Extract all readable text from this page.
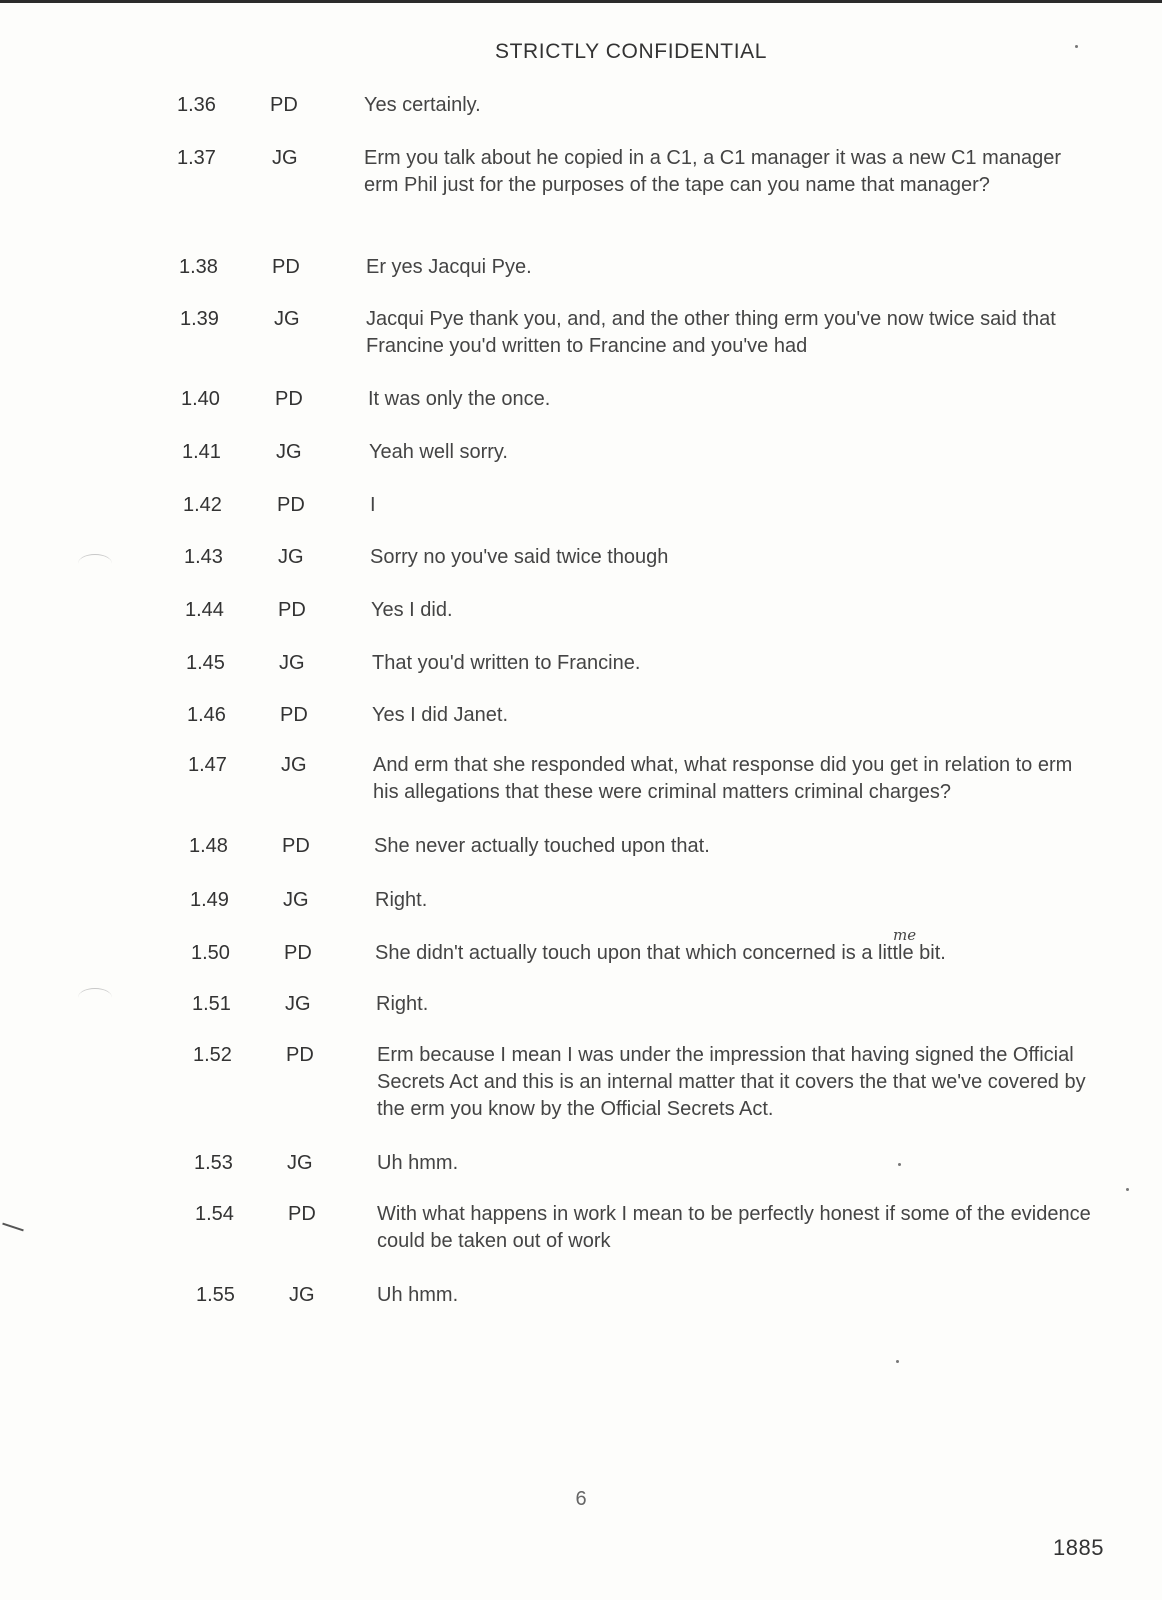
STRICTLY CONFIDENTIAL
1.36	PD	Yes certainly.
1.37	JG	Erm you talk about he copied in a C1, a C1 manager it was a new C1 manager erm Phil just for the purposes of the tape can you name that manager?
1.38	PD	Er yes Jacqui Pye.
1.39	JG	Jacqui Pye thank you, and, and the other thing erm you've now twice said that Francine you'd written to Francine and you've had
1.40	PD	It was only the once.
1.41	JG	Yeah well sorry.
1.42	PD	I
1.43	JG	Sorry no you've said twice though
1.44	PD	Yes I did.
1.45	JG	That you'd written to Francine.
1.46	PD	Yes I did Janet.
1.47	JG	And erm that she responded what, what response did you get in relation to erm his allegations that these were criminal matters criminal charges?
1.48	PD	She never actually touched upon that.
1.49	JG	Right.
1.50	PD	She didn't actually touch upon that which concerned is a little bit.
1.51	JG	Right.
1.52	PD	Erm because I mean I was under the impression that having signed the Official Secrets Act and this is an internal matter that it covers the that we've covered by the erm you know by the Official Secrets Act.
1.53	JG	Uh hmm.
1.54	PD	With what happens in work I mean to be perfectly honest if some of the evidence could be taken out of work
1.55	JG	Uh hmm.
me
6
1885
